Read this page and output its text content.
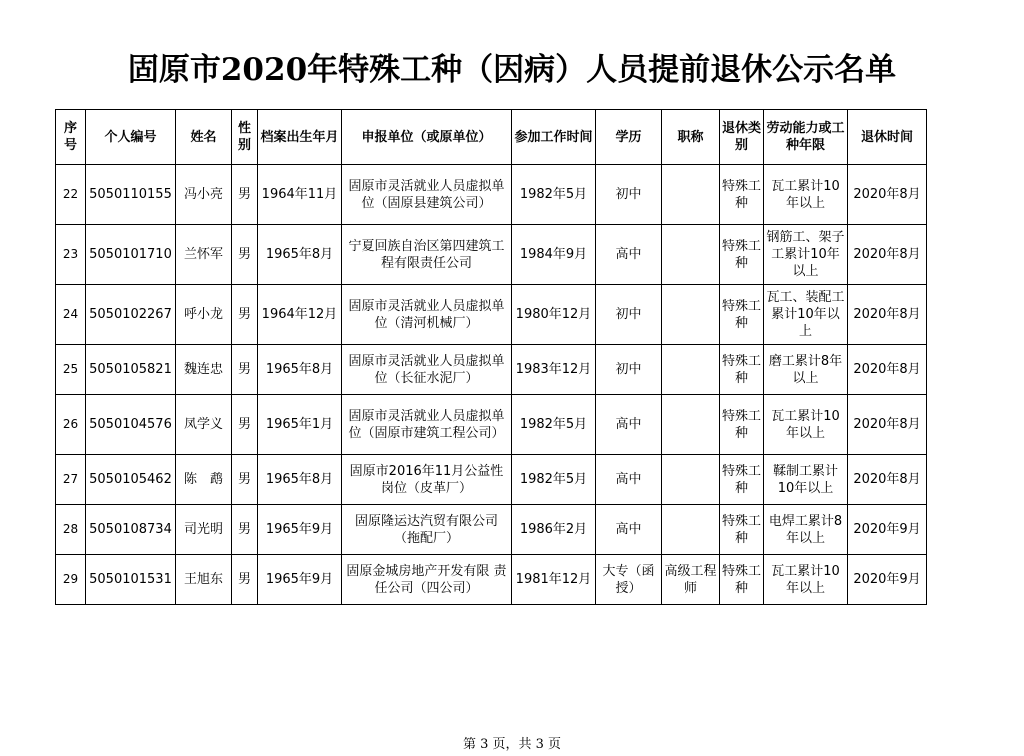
固原市2020年特殊工种（因病）人员提前退休公示名单
序号	个人编号	姓名	性别	档案出生年月	申报单位（或原单位）	参加工作时间	学历	职称	退休类别	劳动能力或工种年限	退休时间
22	5050110155	冯小亮	男	1964年11月	固原市灵活就业人员虚拟单位（固原县建筑公司）	1982年5月	初中		特殊工种	瓦工累计10年以上	2020年8月
23	5050101710	兰怀军	男	1965年8月	宁夏回族自治区第四建筑工程有限责任公司	1984年9月	高中		特殊工种	钢筋工、架子工累计10年以上	2020年8月
24	5050102267	呼小龙	男	1964年12月	固原市灵活就业人员虚拟单位（清河机械厂）	1980年12月	初中		特殊工种	瓦工、装配工累计10年以上	2020年8月
25	5050105821	魏连忠	男	1965年8月	固原市灵活就业人员虚拟单位（长征水泥厂）	1983年12月	初中		特殊工种	磨工累计8年以上	2020年8月
26	5050104576	凤学义	男	1965年1月	固原市灵活就业人员虚拟单位（固原市建筑工程公司）	1982年5月	高中		特殊工种	瓦工累计10年以上	2020年8月
27	5050105462	陈　鹉	男	1965年8月	固原市2016年11月公益性岗位（皮革厂）	1982年5月	高中		特殊工种	鞣制工累计10年以上	2020年8月
28	5050108734	司光明	男	1965年9月	固原隆运达汽贸有限公司（拖配厂）	1986年2月	高中		特殊工种	电焊工累计8年以上	2020年9月
29	5050101531	王旭东	男	1965年9月	固原金城房地产开发有限 责任公司（四公司）	1981年12月	大专（函授）	高级工程师	特殊工种	瓦工累计10年以上	2020年9月
第 3 页，共 3 页
